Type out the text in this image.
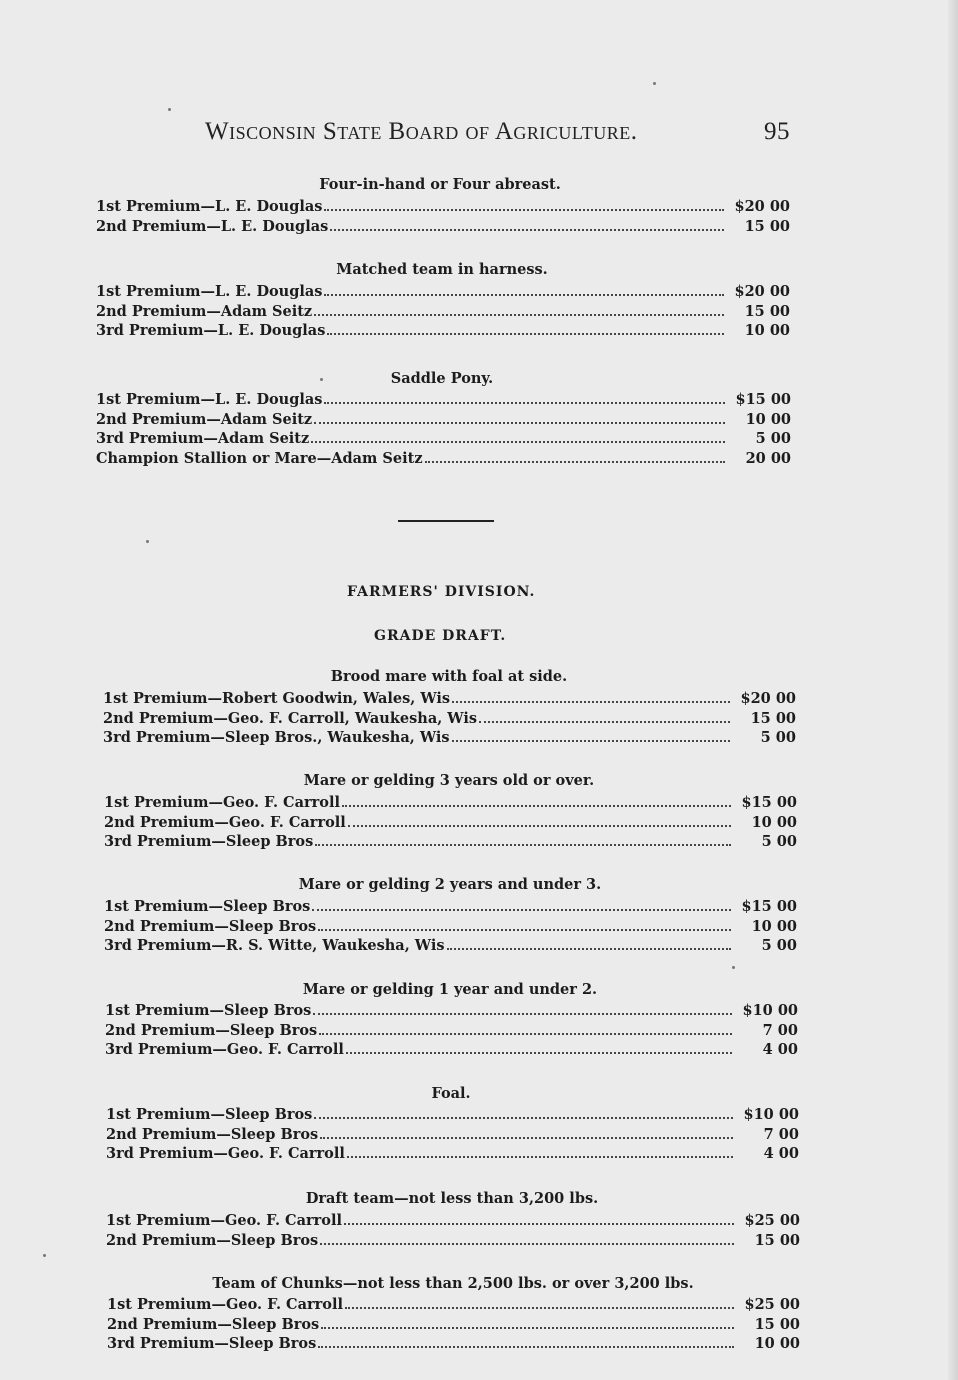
Wisconsin State Board of Agriculture.	95
Four-in-hand or Four abreast.
1st Premium—L. E. Douglas	$20 00
2nd Premium—L. E. Douglas	15 00
Matched team in harness.
1st Premium—L. E. Douglas	$20 00
2nd Premium—Adam Seitz	15 00
3rd Premium—L. E. Douglas	10 00
Saddle Pony.
1st Premium—L. E. Douglas	$15 00
2nd Premium—Adam Seitz	10 00
3rd Premium—Adam Seitz	5 00
Champion Stallion or Mare—Adam Seitz	20 00
FARMERS' DIVISION.
GRADE DRAFT.
Brood mare with foal at side.
1st Premium—Robert Goodwin, Wales, Wis	$20 00
2nd Premium—Geo. F. Carroll, Waukesha, Wis	15 00
3rd Premium—Sleep Bros., Waukesha, Wis	5 00
Mare or gelding 3 years old or over.
1st Premium—Geo. F. Carroll	$15 00
2nd Premium—Geo. F. Carroll	10 00
3rd Premium—Sleep Bros	5 00
Mare or gelding 2 years and under 3.
1st Premium—Sleep Bros	$15 00
2nd Premium—Sleep Bros	10 00
3rd Premium—R. S. Witte, Waukesha, Wis	5 00
Mare or gelding 1 year and under 2.
1st Premium—Sleep Bros	$10 00
2nd Premium—Sleep Bros	7 00
3rd Premium—Geo. F. Carroll	4 00
Foal.
1st Premium—Sleep Bros	$10 00
2nd Premium—Sleep Bros	7 00
3rd Premium—Geo. F. Carroll	4 00
Draft team—not less than 3,200 lbs.
1st Premium—Geo. F. Carroll	$25 00
2nd Premium—Sleep Bros	15 00
Team of Chunks—not less than 2,500 lbs. or over 3,200 lbs.
1st Premium—Geo. F. Carroll	$25 00
2nd Premium—Sleep Bros	15 00
3rd Premium—Sleep Bros	10 00
